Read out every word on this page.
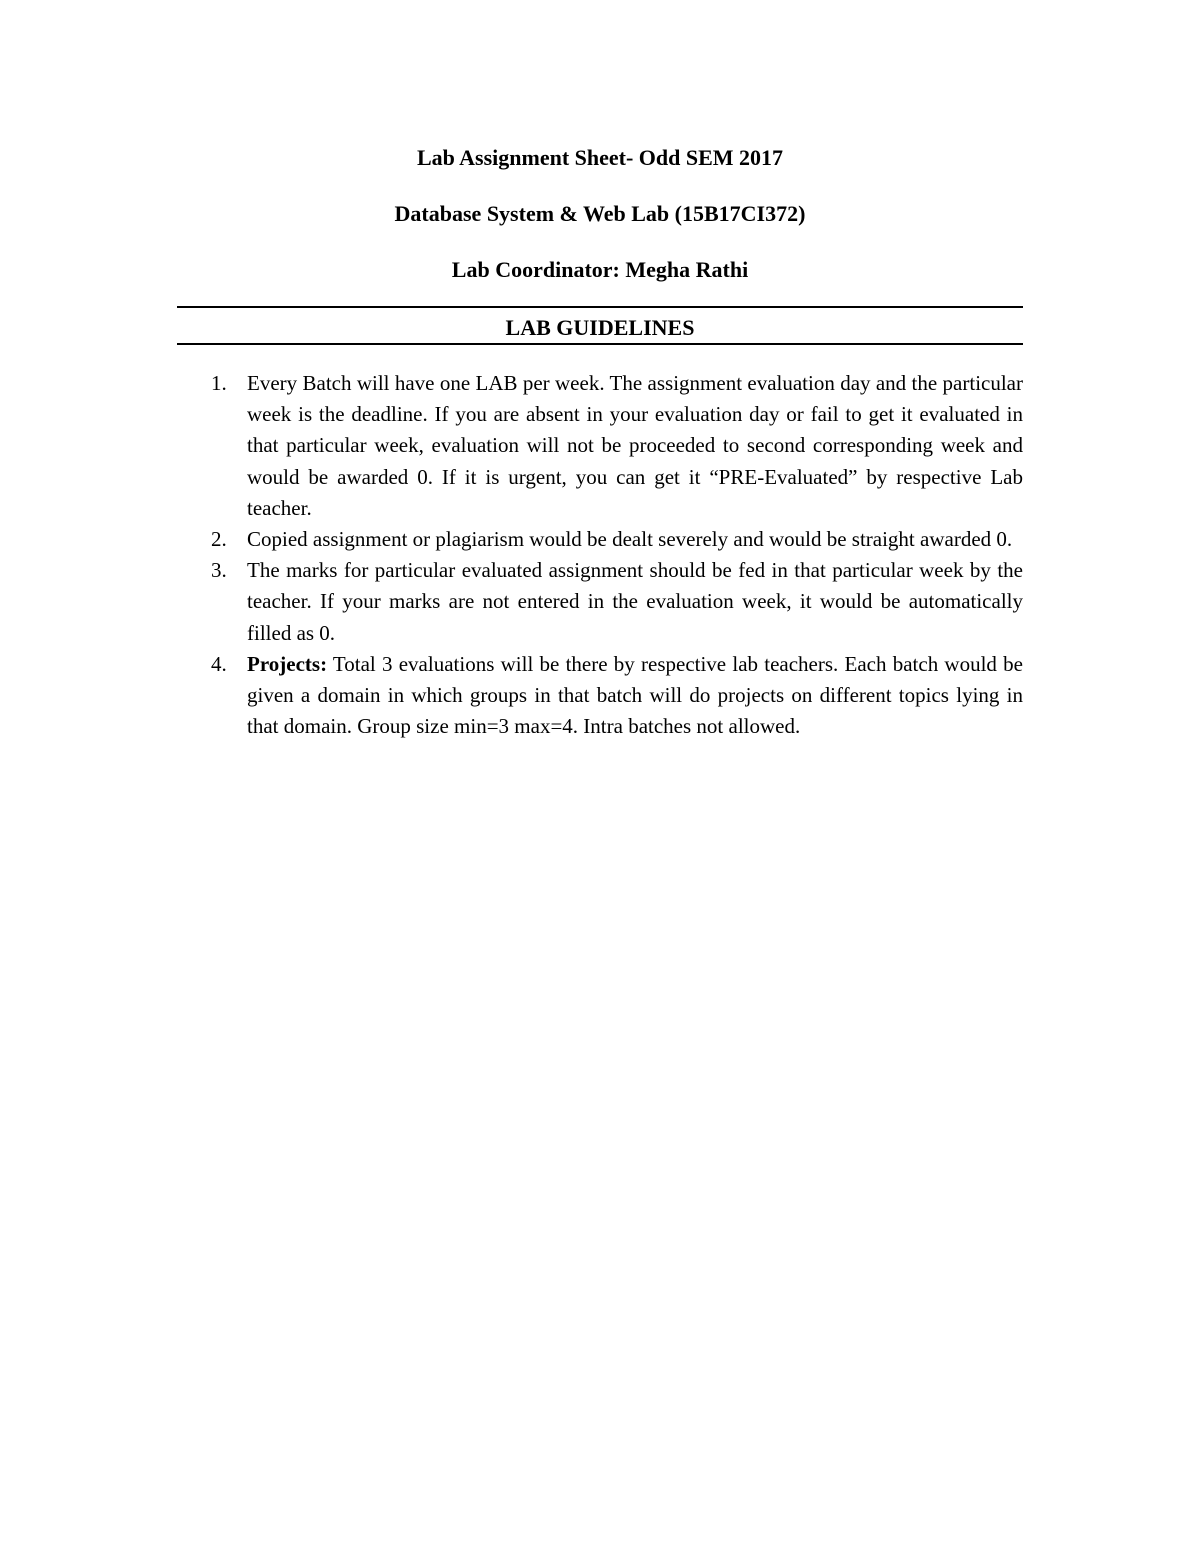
Lab Assignment Sheet- Odd SEM 2017
Database System & Web Lab (15B17CI372)
Lab Coordinator: Megha Rathi
LAB GUIDELINES
1. Every Batch will have one LAB per week. The assignment evaluation day and the particular week is the deadline. If you are absent in your evaluation day or fail to get it evaluated in that particular week, evaluation will not be proceeded to second corresponding week and would be awarded 0. If it is urgent, you can get it “PRE-Evaluated” by respective Lab teacher.
2. Copied assignment or plagiarism would be dealt severely and would be straight awarded 0.
3. The marks for particular evaluated assignment should be fed in that particular week by the teacher. If your marks are not entered in the evaluation week, it would be automatically filled as 0.
4. Projects: Total 3 evaluations will be there by respective lab teachers. Each batch would be given a domain in which groups in that batch will do projects on different topics lying in that domain. Group size min=3 max=4. Intra batches not allowed.
